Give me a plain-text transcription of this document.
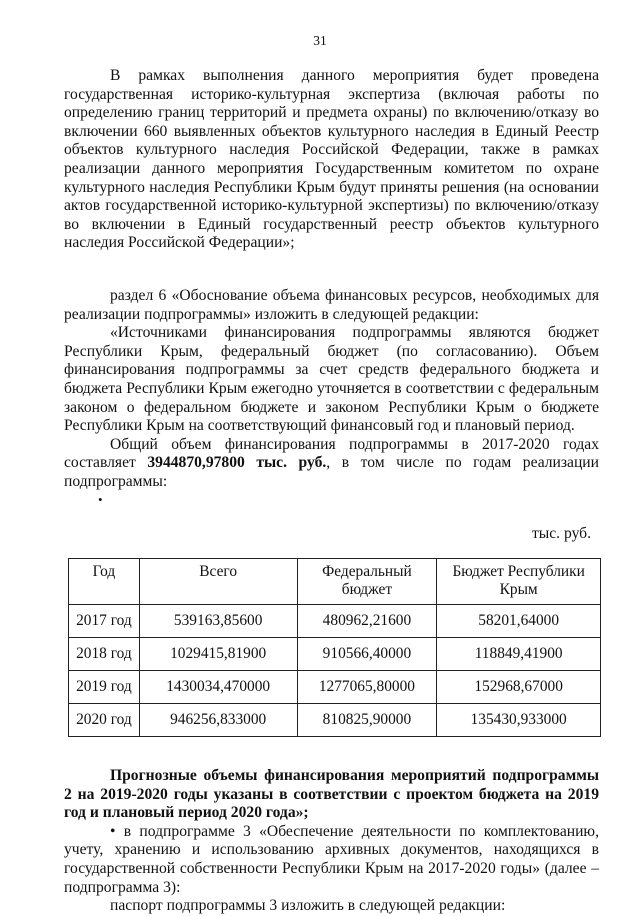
31

В рамках выполнения данного мероприятия будет проведена государственная историко-культурная экспертиза (включая работы по определению границ территорий и предмета охраны) по включению/отказу во включении 660 выявленных объектов культурного наследия в Единый Реестр объектов культурного наследия Российской Федерации, также в рамках реализации данного мероприятия Государственным комитетом по охране культурного наследия Республики Крым будут приняты решения (на основании актов государственной историко-культурной экспертизы) по включению/отказу во включении в Единый государственный реестр объектов культурного наследия Российской Федерации»;

раздел 6 «Обоснование объема финансовых ресурсов, необходимых для реализации подпрограммы» изложить в следующей редакции:

«Источниками финансирования подпрограммы являются бюджет Республики Крым, федеральный бюджет (по согласованию). Объем финансирования подпрограммы за счет средств федерального бюджета и бюджета Республики Крым ежегодно уточняется в соответствии с федеральным законом о федеральном бюджете и законом Республики Крым о бюджете Республики Крым на соответствующий финансовый год и плановый период.

Общий объем финансирования подпрограммы в 2017-2020 годах составляет 3944870,97800 тыс. руб., в том числе по годам реализации подпрограммы:

•

тыс. руб.

Год	Всего	Федеральный бюджет	Бюджет Республики Крым
2017 год	539163,85600	480962,21600	58201,64000
2018 год	1029415,81900	910566,40000	118849,41900
2019 год	1430034,470000	1277065,80000	152968,67000
2020 год	946256,833000	810825,90000	135430,933000

Прогнозные объемы финансирования мероприятий подпрограммы 2 на 2019-2020 годы указаны в соответствии с проектом бюджета на 2019 год и плановый период 2020 года»;

• в подпрограмме 3 «Обеспечение деятельности по комплектованию, учету, хранению и использованию архивных документов, находящихся в государственной собственности Республики Крым на 2017-2020 годы» (далее – подпрограмма 3):

паспорт подпрограммы 3 изложить в следующей редакции:
